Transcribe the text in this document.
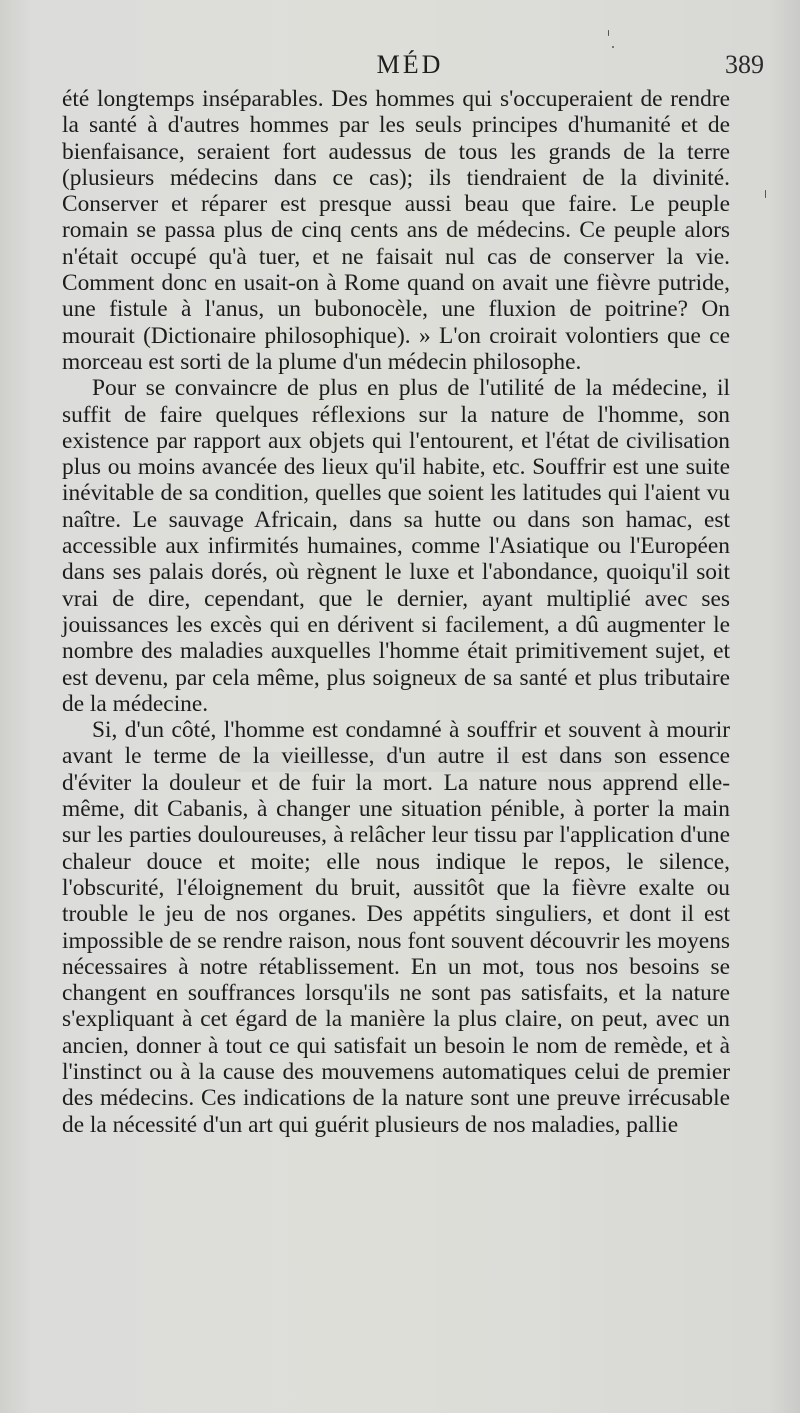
MÉD	389

été longtemps inséparables. Des hommes qui s'occuperaient de rendre la santé à d'autres hommes par les seuls principes d'humanité et de bienfaisance, seraient fort audessus de tous les grands de la terre (plusieurs médecins dans ce cas); ils tiendraient de la divinité. Conserver et réparer est presque aussi beau que faire. Le peuple romain se passa plus de cinq cents ans de médecins. Ce peuple alors n'était occupé qu'à tuer, et ne faisait nul cas de conserver la vie. Comment donc en usait-on à Rome quand on avait une fièvre putride, une fistule à l'anus, un bubonocèle, une fluxion de poitrine? On mourait (Dictionaire philosophique). » L'on croirait volontiers que ce morceau est sorti de la plume d'un médecin philosophe.

Pour se convaincre de plus en plus de l'utilité de la médecine, il suffit de faire quelques réflexions sur la nature de l'homme, son existence par rapport aux objets qui l'entourent, et l'état de civilisation plus ou moins avancée des lieux qu'il habite, etc. Souffrir est une suite inévitable de sa condition, quelles que soient les latitudes qui l'aient vu naître. Le sauvage Africain, dans sa hutte ou dans son hamac, est accessible aux infirmités humaines, comme l'Asiatique ou l'Européen dans ses palais dorés, où règnent le luxe et l'abondance, quoiqu'il soit vrai de dire, cependant, que le dernier, ayant multiplié avec ses jouissances les excès qui en dérivent si facilement, a dû augmenter le nombre des maladies auxquelles l'homme était primitivement sujet, et est devenu, par cela même, plus soigneux de sa santé et plus tributaire de la médecine.

Si, d'un côté, l'homme est condamné à souffrir et souvent à mourir avant le terme de la vieillesse, d'un autre il est dans son essence d'éviter la douleur et de fuir la mort. La nature nous apprend elle-même, dit Cabanis, à changer une situation pénible, à porter la main sur les parties douloureuses, à relâcher leur tissu par l'application d'une chaleur douce et moite; elle nous indique le repos, le silence, l'obscurité, l'éloignement du bruit, aussitôt que la fièvre exalte ou trouble le jeu de nos organes. Des appétits singuliers, et dont il est impossible de se rendre raison, nous font souvent découvrir les moyens nécessaires à notre rétablissement. En un mot, tous nos besoins se changent en souffrances lorsqu'ils ne sont pas satisfaits, et la nature s'expliquant à cet égard de la manière la plus claire, on peut, avec un ancien, donner à tout ce qui satisfait un besoin le nom de remède, et à l'instinct ou à la cause des mouvemens automatiques celui de premier des médecins. Ces indications de la nature sont une preuve irrécusable de la nécessité d'un art qui guérit plusieurs de nos maladies, pallie
